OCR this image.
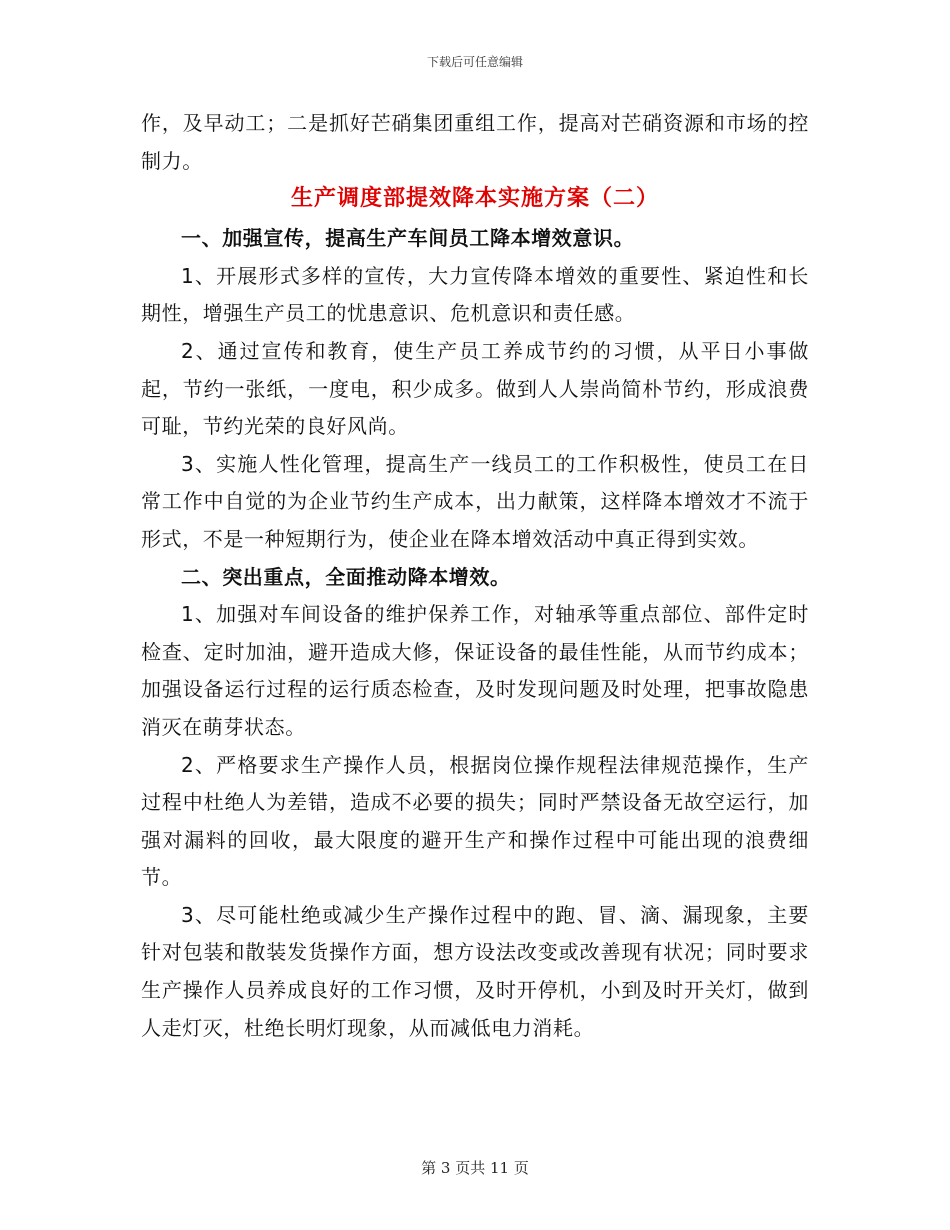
下载后可任意编辑

作，及早动工；二是抓好芒硝集团重组工作，提高对芒硝资源和市场的控制力。

生产调度部提效降本实施方案（二）

一、加强宣传，提高生产车间员工降本增效意识。

1、开展形式多样的宣传，大力宣传降本增效的重要性、紧迫性和长期性，增强生产员工的忧患意识、危机意识和责任感。

2、通过宣传和教育，使生产员工养成节约的习惯，从平日小事做起，节约一张纸，一度电，积少成多。做到人人崇尚简朴节约，形成浪费可耻，节约光荣的良好风尚。

3、实施人性化管理，提高生产一线员工的工作积极性，使员工在日常工作中自觉的为企业节约生产成本，出力献策，这样降本增效才不流于形式，不是一种短期行为，使企业在降本增效活动中真正得到实效。

二、突出重点，全面推动降本增效。

1、加强对车间设备的维护保养工作，对轴承等重点部位、部件定时检查、定时加油，避开造成大修，保证设备的最佳性能，从而节约成本；加强设备运行过程的运行质态检查，及时发现问题及时处理，把事故隐患消灭在萌芽状态。

2、严格要求生产操作人员，根据岗位操作规程法律规范操作，生产过程中杜绝人为差错，造成不必要的损失；同时严禁设备无故空运行，加强对漏料的回收，最大限度的避开生产和操作过程中可能出现的浪费细节。

3、尽可能杜绝或减少生产操作过程中的跑、冒、滴、漏现象，主要针对包装和散装发货操作方面，想方设法改变或改善现有状况；同时要求生产操作人员养成良好的工作习惯，及时开停机，小到及时开关灯，做到人走灯灭，杜绝长明灯现象，从而减低电力消耗。

第 3 页共 11 页
